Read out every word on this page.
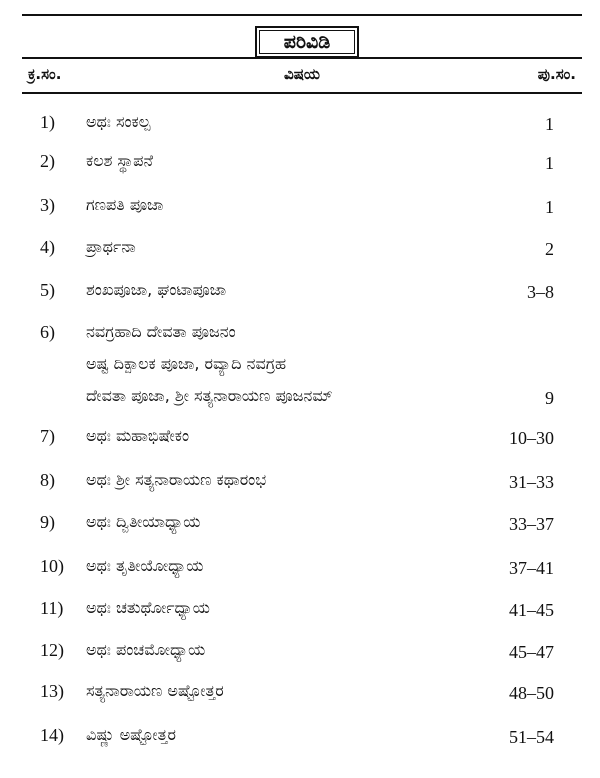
ಪರಿವಿಡಿ
ಕ್ರ.ಸಂ.	ವಿಷಯ	ಪು.ಸಂ.
1)	ಅಥಃ ಸಂಕಲ್ಪ	1
2)	ಕಲಶ ಸ್ಥಾಪನೆ	1
3)	ಗಣಪತಿ ಪೂಜಾ	1
4)	ಪ್ರಾರ್ಥನಾ	2
5)	ಶಂಖಪೂಜಾ, ಘಂಟಾಪೂಜಾ	3–8
6)	ನವಗ್ರಹಾದಿ ದೇವತಾ ಪೂಜನಂ
ಅಷ್ಟ ದಿಕ್ಪಾಲಕ ಪೂಜಾ, ರವ್ಯಾದಿ ನವಗ್ರಹ
ದೇವತಾ ಪೂಜಾ, ಶ್ರೀ ಸತ್ಯನಾರಾಯಣ ಪೂಜನಮ್	9
7)	ಅಥಃ ಮಹಾಭಿಷೇಕಂ	10–30
8)	ಅಥಃ ಶ್ರೀ ಸತ್ಯನಾರಾಯಣ ಕಥಾರಂಭ	31–33
9)	ಅಥಃ ದ್ವಿತೀಯಾಧ್ಯಾಯ	33–37
10)	ಅಥಃ ತೃತೀಯೋಧ್ಯಾಯ	37–41
11)	ಅಥಃ ಚತುರ್ಥೋಧ್ಯಾಯ	41–45
12)	ಅಥಃ ಪಂಚಮೋಧ್ಯಾಯ	45–47
13)	ಸತ್ಯನಾರಾಯಣ ಅಷ್ಟೋತ್ತರ	48–50
14)	ವಿಷ್ಣು ಅಷ್ಟೋತ್ತರ	51–54
